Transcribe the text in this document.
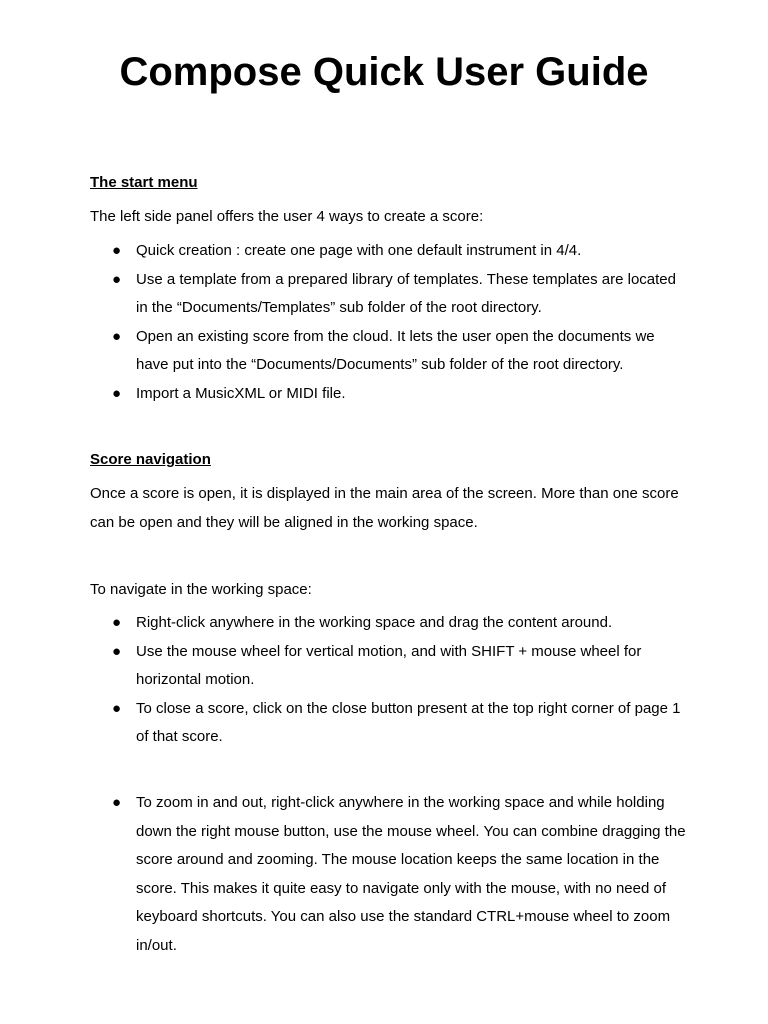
Compose Quick User Guide
The start menu

The left side panel offers the user 4 ways to create a score:

● Quick creation : create one page with one default instrument in 4/4.
● Use a template from a prepared library of templates. These templates are located in the “Documents/Templates” sub folder of the root directory.
● Open an existing score from the cloud. It lets the user open the documents we have put into the “Documents/Documents” sub folder of the root directory.
● Import a MusicXML or MIDI file.
Score navigation

Once a score is open, it is displayed in the main area of the screen. More than one score can be open and they will be aligned in the working space.

To navigate in the working space:

● Right-click anywhere in the working space and drag the content around.
● Use the mouse wheel for vertical motion, and with SHIFT + mouse wheel for horizontal motion.
● To close a score, click on the close button present at the top right corner of page 1 of that score.
● To zoom in and out, right-click anywhere in the working space and while holding down the right mouse button, use the mouse wheel. You can combine dragging the score around and zooming. The mouse location keeps the same location in the score. This makes it quite easy to navigate only with the mouse, with no need of keyboard shortcuts. You can also use the standard CTRL+mouse wheel to zoom in/out.
